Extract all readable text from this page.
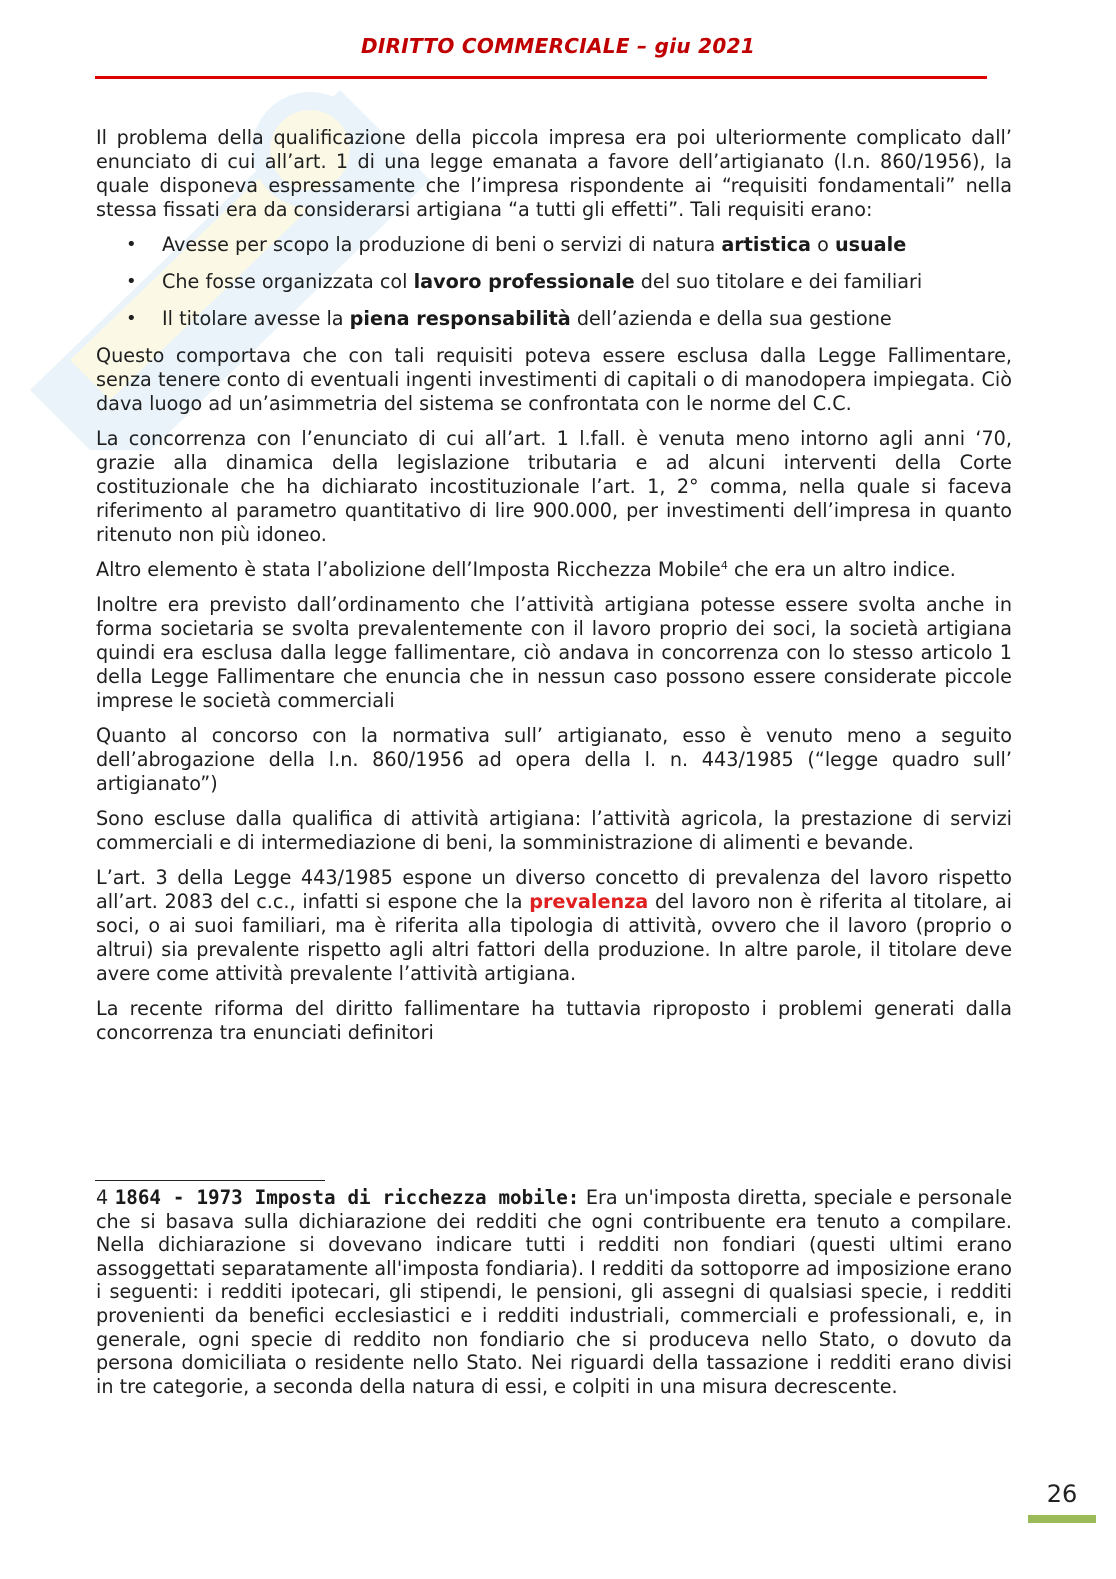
DIRITTO COMMERCIALE – giu 2021

Il problema della qualificazione della piccola impresa era poi ulteriormente complicato dall’ enunciato di cui all’art. 1 di una legge emanata a favore dell’artigianato (l.n. 860/1956), la quale disponeva espressamente che l’impresa rispondente ai “requisiti fondamentali” nella stessa fissati era da considerarsi artigiana “a tutti gli effetti”. Tali requisiti erano:

• Avesse per scopo la produzione di beni o servizi di natura artistica o usuale
• Che fosse organizzata col lavoro professionale del suo titolare e dei familiari
• Il titolare avesse la piena responsabilità dell’azienda e della sua gestione

Questo comportava che con tali requisiti poteva essere esclusa dalla Legge Fallimentare, senza tenere conto di eventuali ingenti investimenti di capitali o di manodopera impiegata. Ciò dava luogo ad un’asimmetria del sistema se confrontata con le norme del C.C.

La concorrenza con l’enunciato di cui all’art. 1 l.fall. è venuta meno intorno agli anni ‘70, grazie alla dinamica della legislazione tributaria e ad alcuni interventi della Corte costituzionale che ha dichiarato incostituzionale l’art. 1, 2° comma, nella quale si faceva riferimento al parametro quantitativo di lire 900.000, per investimenti dell’impresa in quanto ritenuto non più idoneo.

Altro elemento è stata l’abolizione dell’Imposta Ricchezza Mobile$^4$ che era un altro indice.

Inoltre era previsto dall’ordinamento che l’attività artigiana potesse essere svolta anche in forma societaria se svolta prevalentemente con il lavoro proprio dei soci, la società artigiana quindi era esclusa dalla legge fallimentare, ciò andava in concorrenza con lo stesso articolo 1 della Legge Fallimentare che enuncia che in nessun caso possono essere considerate piccole imprese le società commerciali

Quanto al concorso con la normativa sull’ artigianato, esso è venuto meno a seguito dell’abrogazione della l.n. 860/1956 ad opera della l. n. 443/1985 (“legge quadro sull’ artigianato”)

Sono escluse dalla qualifica di attività artigiana: l’attività agricola, la prestazione di servizi commerciali e di intermediazione di beni, la somministrazione di alimenti e bevande.

L’art. 3 della Legge 443/1985 espone un diverso concetto di prevalenza del lavoro rispetto all’art. 2083 del c.c., infatti si espone che la prevalenza del lavoro non è riferita al titolare, ai soci, o ai suoi familiari, ma è riferita alla tipologia di attività, ovvero che il lavoro (proprio o altrui) sia prevalente rispetto agli altri fattori della produzione. In altre parole, il titolare deve avere come attività prevalente l’attività artigiana.

La recente riforma del diritto fallimentare ha tuttavia riproposto i problemi generati dalla concorrenza tra enunciati definitori

4 1864 - 1973 Imposta di ricchezza mobile: Era un'imposta diretta, speciale e personale che si basava sulla dichiarazione dei redditi che ogni contribuente era tenuto a compilare. Nella dichiarazione si dovevano indicare tutti i redditi non fondiari (questi ultimi erano assoggettati separatamente all'imposta fondiaria). I redditi da sottoporre ad imposizione erano i seguenti: i redditi ipotecari, gli stipendi, le pensioni, gli assegni di qualsiasi specie, i redditi provenienti da benefici ecclesiastici e i redditi industriali, commerciali e professionali, e, in generale, ogni specie di reddito non fondiario che si produceva nello Stato, o dovuto da persona domiciliata o residente nello Stato. Nei riguardi della tassazione i redditi erano divisi in tre categorie, a seconda della natura di essi, e colpiti in una misura decrescente.
26
